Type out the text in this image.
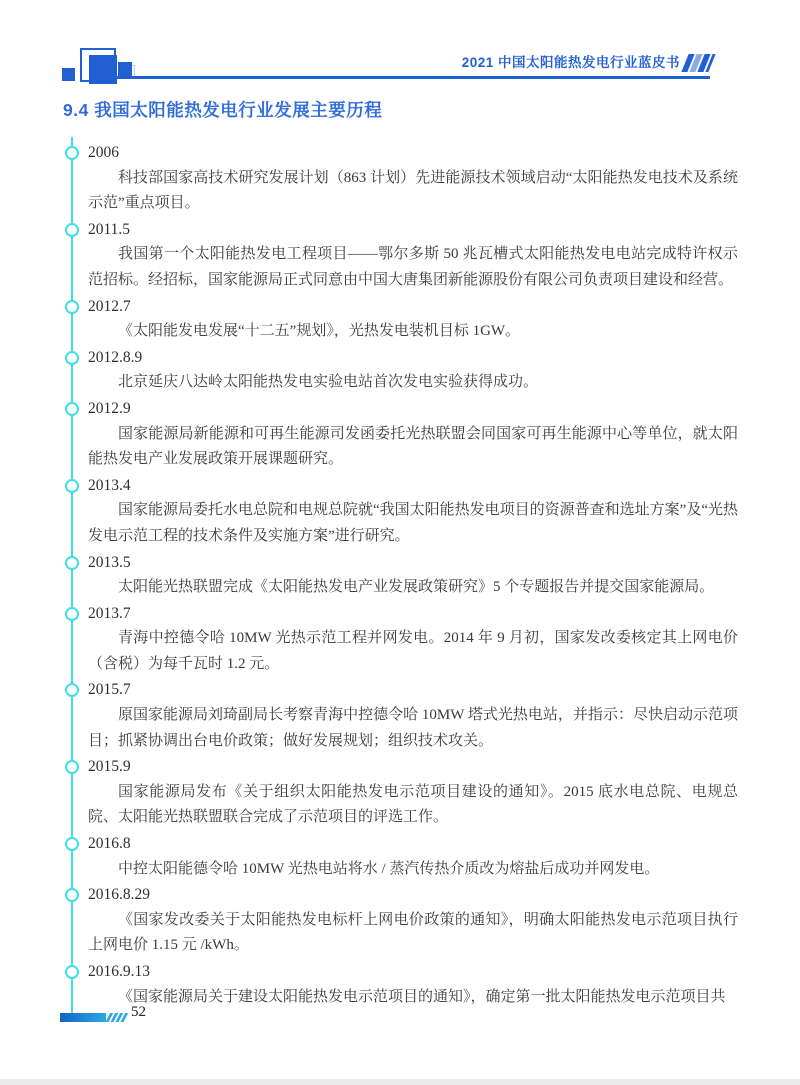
2021 中国太阳能热发电行业蓝皮书
9.4 我国太阳能热发电行业发展主要历程
2006

科技部国家高技术研究发展计划（863 计划）先进能源技术领域启动“太阳能热发电技术及系统示范”重点项目。

2011.5

我国第一个太阳能热发电工程项目——鄂尔多斯 50 兆瓦槽式太阳能热发电电站完成特许权示范招标。经招标，国家能源局正式同意由中国大唐集团新能源股份有限公司负责项目建设和经营。

2012.7

《太阳能发电发展“十二五”规划》，光热发电装机目标 1GW。

2012.8.9

北京延庆八达岭太阳能热发电实验电站首次发电实验获得成功。

2012.9

国家能源局新能源和可再生能源司发函委托光热联盟会同国家可再生能源中心等单位，就太阳能热发电产业发展政策开展课题研究。

2013.4

国家能源局委托水电总院和电规总院就“我国太阳能热发电项目的资源普查和选址方案”及“光热发电示范工程的技术条件及实施方案”进行研究。

2013.5

太阳能光热联盟完成《太阳能热发电产业发展政策研究》5 个专题报告并提交国家能源局。

2013.7

青海中控德令哈 10MW 光热示范工程并网发电。2014 年 9 月初，国家发改委核定其上网电价（含税）为每千瓦时 1.2 元。

2015.7

原国家能源局刘琦副局长考察青海中控德令哈 10MW 塔式光热电站，并指示：尽快启动示范项目；抓紧协调出台电价政策；做好发展规划；组织技术攻关。

2015.9

国家能源局发布《关于组织太阳能热发电示范项目建设的通知》。2015 底水电总院、电规总院、太阳能光热联盟联合完成了示范项目的评选工作。

2016.8

中控太阳能德令哈 10MW 光热电站将水 / 蒸汽传热介质改为熔盐后成功并网发电。

2016.8.29

《国家发改委关于太阳能热发电标杆上网电价政策的通知》，明确太阳能热发电示范项目执行上网电价 1.15 元 /kWh。

2016.9.13

《国家能源局关于建设太阳能热发电示范项目的通知》，确定第一批太阳能热发电示范项目共

52
